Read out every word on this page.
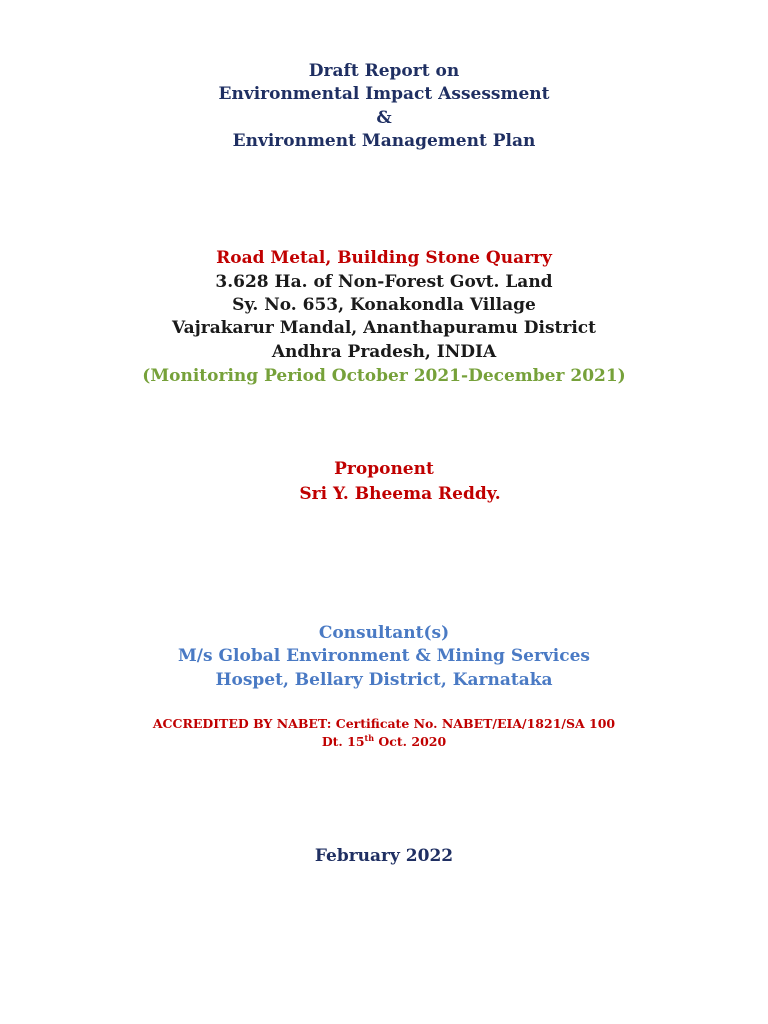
Draft Report on
Environmental Impact Assessment
&
Environment Management Plan
Road Metal, Building Stone Quarry
3.628 Ha. of Non-Forest Govt. Land
Sy. No. 653, Konakondla Village
Vajrakarur Mandal, Ananthapuramu District
Andhra Pradesh, INDIA
(Monitoring Period October 2021-December 2021)
Proponent
Sri Y. Bheema Reddy.
Consultant(s)
M/s Global Environment & Mining Services
Hospet, Bellary District, Karnataka
ACCREDITED BY NABET: Certificate No. NABET/EIA/1821/SA 100
Dt. 15th Oct. 2020
February 2022
